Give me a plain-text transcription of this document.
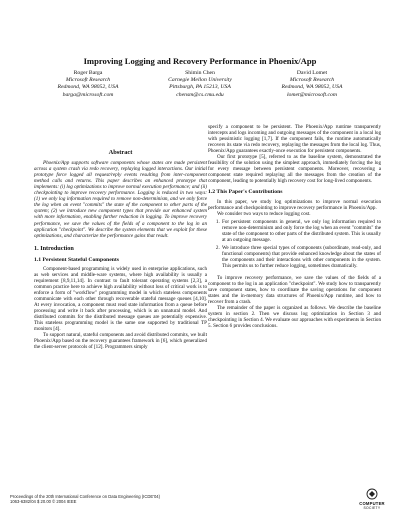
Improving Logging and Recovery Performance in Phoenix/App
Roger Barga
Microsoft Research
Redmond, WA 98052, USA
barga@microsoft.com
Shimin Chen
Carnegie Mellon University
Pittsburgh, PA 15213, USA
chensm@cs.cmu.edu
David Lomet
Microsoft Research
Redmond, WA 98052, USA
lomet@microsoft.com
Abstract

Phoenix/App supports software components whose states are made persistent across a system crash via redo recovery, replaying logged interactions. Our initial prototype force logged all request/reply events resulting from inter-component method calls and returns. This paper describes an enhanced prototype that implements: (i) log optimizations to improve normal execution performance; and (ii) checkpointing to improve recovery performance. Logging is reduced in two ways: (1) we only log information required to remove non-determinism, and we only force the log when an event "commits" the state of the component to other parts of the system; (2) we introduce new component types that provide our enhanced system with more information, enabling further reduction in logging. To improve recovery performance, we save the values of the fields of a component to the log in an application "checkpoint". We describe the system elements that we exploit for these optimizations, and characterize the performance gains that result.

1. Introduction
1.1 Persistent Stateful Components

Component-based programming is widely used in enterprise applications, such as web services and middle-ware systems, where high availability is usually a requirement [8,9,11,14]. In contrast to fault tolerant operating systems [2,3], a common practice here to achieve high availability without loss of critical work is to enforce a form of "workflow" programming model in which stateless components communicate with each other through recoverable stateful message queues [4,10]. At every invocation, a component must read state information from a queue before processing and write it back after processing, which is an unnatural model. And distributed commits for the distributed message queues are potentially expensive. This stateless programming model is the same one supported by traditional TP monitors [4].

To support natural, stateful components and avoid distributed commits, we built Phoenix/App based on the recovery guarantees framework in [6], which generalized the client-server protocols of [12]. Programmers simply

specify a component to be persistent. The Phoenix/App runtime transparently intercepts and logs incoming and outgoing messages of the component in a local log with pessimistic logging [1,7]. If the component fails, the runtime automatically recovers its state via redo recovery, replaying the messages from the local log. Thus, Phoenix/App guarantees exactly-once execution for persistent components.

Our first prototype [5], referred to as the baseline system, demonstrated the feasibility of the solution using the simplest approach, immediately forcing the log for every message between persistent components. Moreover, recovering a component state required replaying all the messages from the creation of the component, leading to potentially high recovery cost for long-lived components.

1.2 This Paper's Contributions

In this paper, we study log optimizations to improve normal execution performance and checkpointing to improve recovery performance in Phoenix/App.

We consider two ways to reduce logging cost.

1. For persistent components in general, we only log information required to remove non-determinism and only force the log when an event "commits" the state of the component to other parts of the distributed system. This is usually at an outgoing message.
2. We introduce three special types of components (subordinate, read-only, and functional components) that provide enhanced knowledge about the states of the components and their interactions with other components in the system. This permits us to further reduce logging, sometimes dramatically.

To improve recovery performance, we save the values of the fields of a component to the log in an application "checkpoint". We study how to transparently save component states, how to coordinate the saving operations for component states and the in-memory data structures of Phoenix/App runtime, and how to recover from a crash.

The remainder of the paper is organized as follows. We describe the baseline system in section 2. Then we discuss log optimization in Section 3 and checkpointing in Section 4. We evaluate our approaches with experiments in Section 5. Section 6 provides conclusions.

Proceedings of the 20th International Conference on Data Engineering (ICDE'04)
1063-6382/04 $ 20.00 © 2004 IEEE	COMPUTER
SOCIETY
